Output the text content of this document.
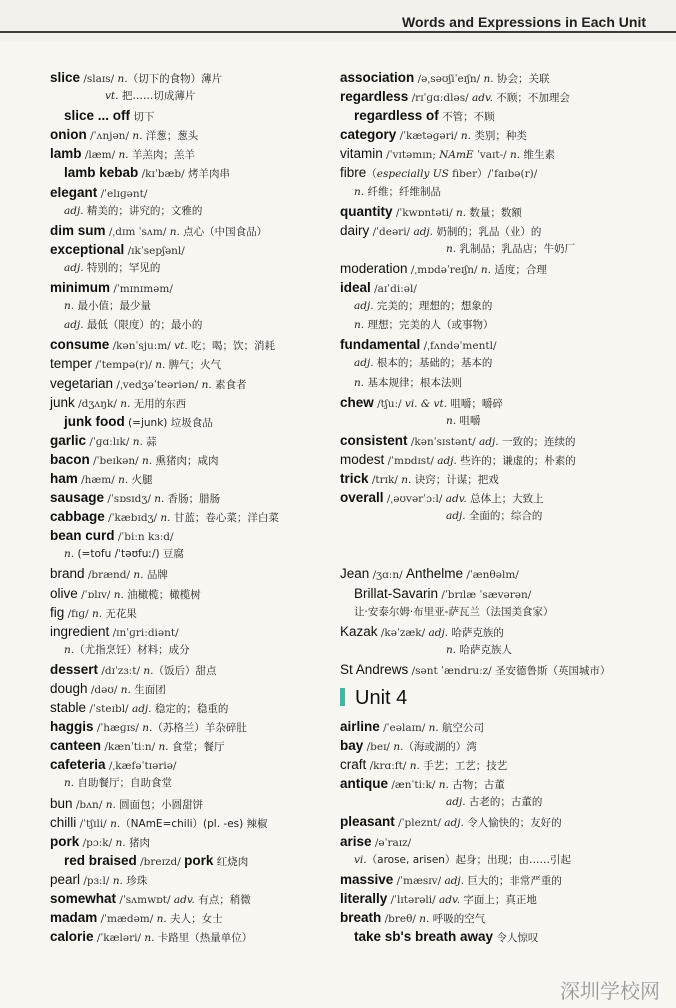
Words and Expressions in Each Unit
slice /slaɪs/ n.（切下的食物）薄片
vt. 把……切成薄片
slice ... off 切下
onion /ˈʌnjən/ n. 洋葱；葱头
lamb /læm/ n. 羊羔肉；羔羊
lamb kebab /kɪˈbæb/ 烤羊肉串
elegant /ˈelɪɡənt/
adj. 精美的；讲究的；文雅的
dim sum /ˌdɪm ˈsʌm/ n. 点心（中国食品）
exceptional /ɪkˈsepʃənl/
adj. 特别的；罕见的
minimum /ˈmɪnɪməm/
n. 最小值；最少量
adj. 最低（限度）的；最小的
consume /kənˈsjuːm/ vt. 吃；喝；饮；消耗
temper /ˈtempə(r)/ n. 脾气；火气
vegetarian /ˌvedʒəˈteəriən/ n. 素食者
junk /dʒʌŋk/ n. 无用的东西
junk food (=junk) 垃圾食品
garlic /ˈɡɑːlɪk/ n. 蒜
bacon /ˈbeɪkən/ n. 熏猪肉；咸肉
ham /hæm/ n. 火腿
sausage /ˈsɒsɪdʒ/ n. 香肠；腊肠
cabbage /ˈkæbɪdʒ/ n. 甘蓝；卷心菜；洋白菜
bean curd /ˈbiːn kɜːd/
n. (=tofu /ˈtəʊfuː/) 豆腐
brand /brænd/ n. 品牌
olive /ˈɒlɪv/ n. 油橄榄；橄榄树
fig /fɪɡ/ n. 无花果
ingredient /ɪnˈɡriːdiənt/
n.（尤指烹饪）材料；成分
dessert /dɪˈzɜːt/ n.（饭后）甜点
dough /dəʊ/ n. 生面团
stable /ˈsteɪbl/ adj. 稳定的；稳重的
haggis /ˈhæɡɪs/ n.（苏格兰）羊杂碎肚
canteen /kænˈtiːn/ n. 食堂；餐厅
cafeteria /ˌkæfəˈtɪəriə/
n. 自助餐厅；自助食堂
bun /bʌn/ n. 圆面包；小圆甜饼
chilli /ˈtʃɪli/ n.（NAmE=chili）(pl. -es) 辣椒
pork /pɔːk/ n. 猪肉
red braised /breɪzd/ pork 红烧肉
pearl /pɜːl/ n. 珍珠
somewhat /ˈsʌmwɒt/ adv. 有点；稍微
madam /ˈmædəm/ n. 夫人；女士
calorie /ˈkæləri/ n. 卡路里（热量单位）
association /əˌsəʊʃiˈeɪʃn/ n. 协会；关联
regardless /rɪˈɡɑːdləs/ adv. 不顾；不加理会
regardless of 不管；不顾
category /ˈkætəɡəri/ n. 类别；种类
vitamin /ˈvɪtəmɪn; NAmE ˈvaɪt-/ n. 维生素
fibre（especially US fiber）/ˈfaɪbə(r)/
n. 纤维；纤维制品
quantity /ˈkwɒntəti/ n. 数量；数额
dairy /ˈdeəri/ adj. 奶制的；乳品（业）的
n. 乳制品；乳品店；牛奶厂
moderation /ˌmɒdəˈreɪʃn/ n. 适度；合理
ideal /aɪˈdiːəl/
adj. 完美的；理想的；想象的
n. 理想；完美的人（或事物）
fundamental /ˌfʌndəˈmentl/
adj. 根本的；基础的；基本的
n. 基本规律；根本法则
chew /tʃuː/ vi. & vt. 咀嚼；嚼碎
n. 咀嚼
consistent /kənˈsɪstənt/ adj. 一致的；连续的
modest /ˈmɒdɪst/ adj. 些许的；谦虚的；朴素的
trick /trɪk/ n. 诀窍；计谋；把戏
overall /ˌəʊvərˈɔːl/ adv. 总体上；大致上
adj. 全面的；综合的
Jean /ʒɑːn/ Anthelme /ˈænθəlm/
Brillat-Savarin /ˈbrɪlæ ˈsævərən/
让·安泰尔姆·布里亚-萨瓦兰（法国美食家）
Kazak /kəˈzæk/ adj. 哈萨克族的
n. 哈萨克族人
St Andrews /sənt ˈændruːz/ 圣安德鲁斯（英国城市）
Unit 4
airline /ˈeəlaɪn/ n. 航空公司
bay /beɪ/ n.（海或湖的）湾
craft /krɑːft/ n. 手艺；工艺；技艺
antique /ænˈtiːk/ n. 古物；古董
adj. 古老的；古董的
pleasant /ˈpleznt/ adj. 令人愉快的；友好的
arise /əˈraɪz/
vi.（arose, arisen）起身；出现；由……引起
massive /ˈmæsɪv/ adj. 巨大的；非常严重的
literally /ˈlɪtərəli/ adv. 字面上；真正地
breath /breθ/ n. 呼吸的空气
take sb's breath away 令人惊叹
深圳学校网
